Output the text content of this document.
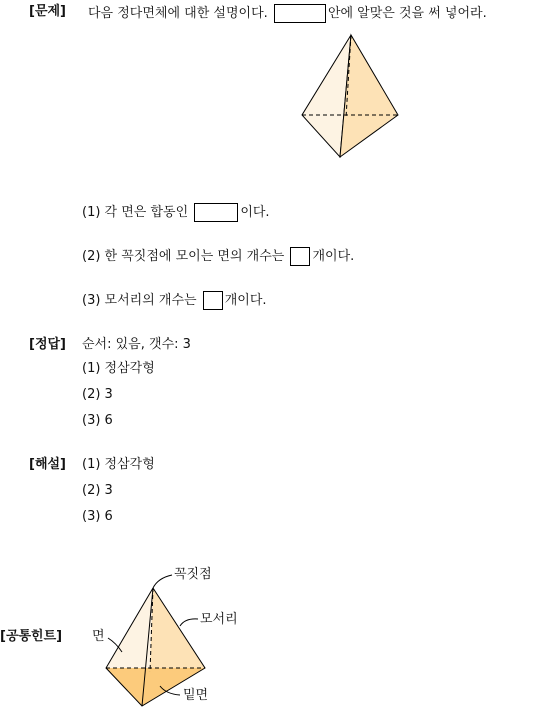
[문제] 다음 정다면체에 대한 설명이다.	안에 알맞은 것을 써 넣어라.
(1) 각 면은 합동인	이다.
(2) 한 꼭짓점에 모이는 면의 개수는 개이다.
(3) 모서리의 개수는 개이다.
[정답] 순서: 있음, 갯수: 3
(1) 정삼각형
(2) 3
(3) 6
[해설] (1) 정삼각형
(2) 3
(3) 6
[공통힌트]
꼭짓점
모서리
면
밑면
